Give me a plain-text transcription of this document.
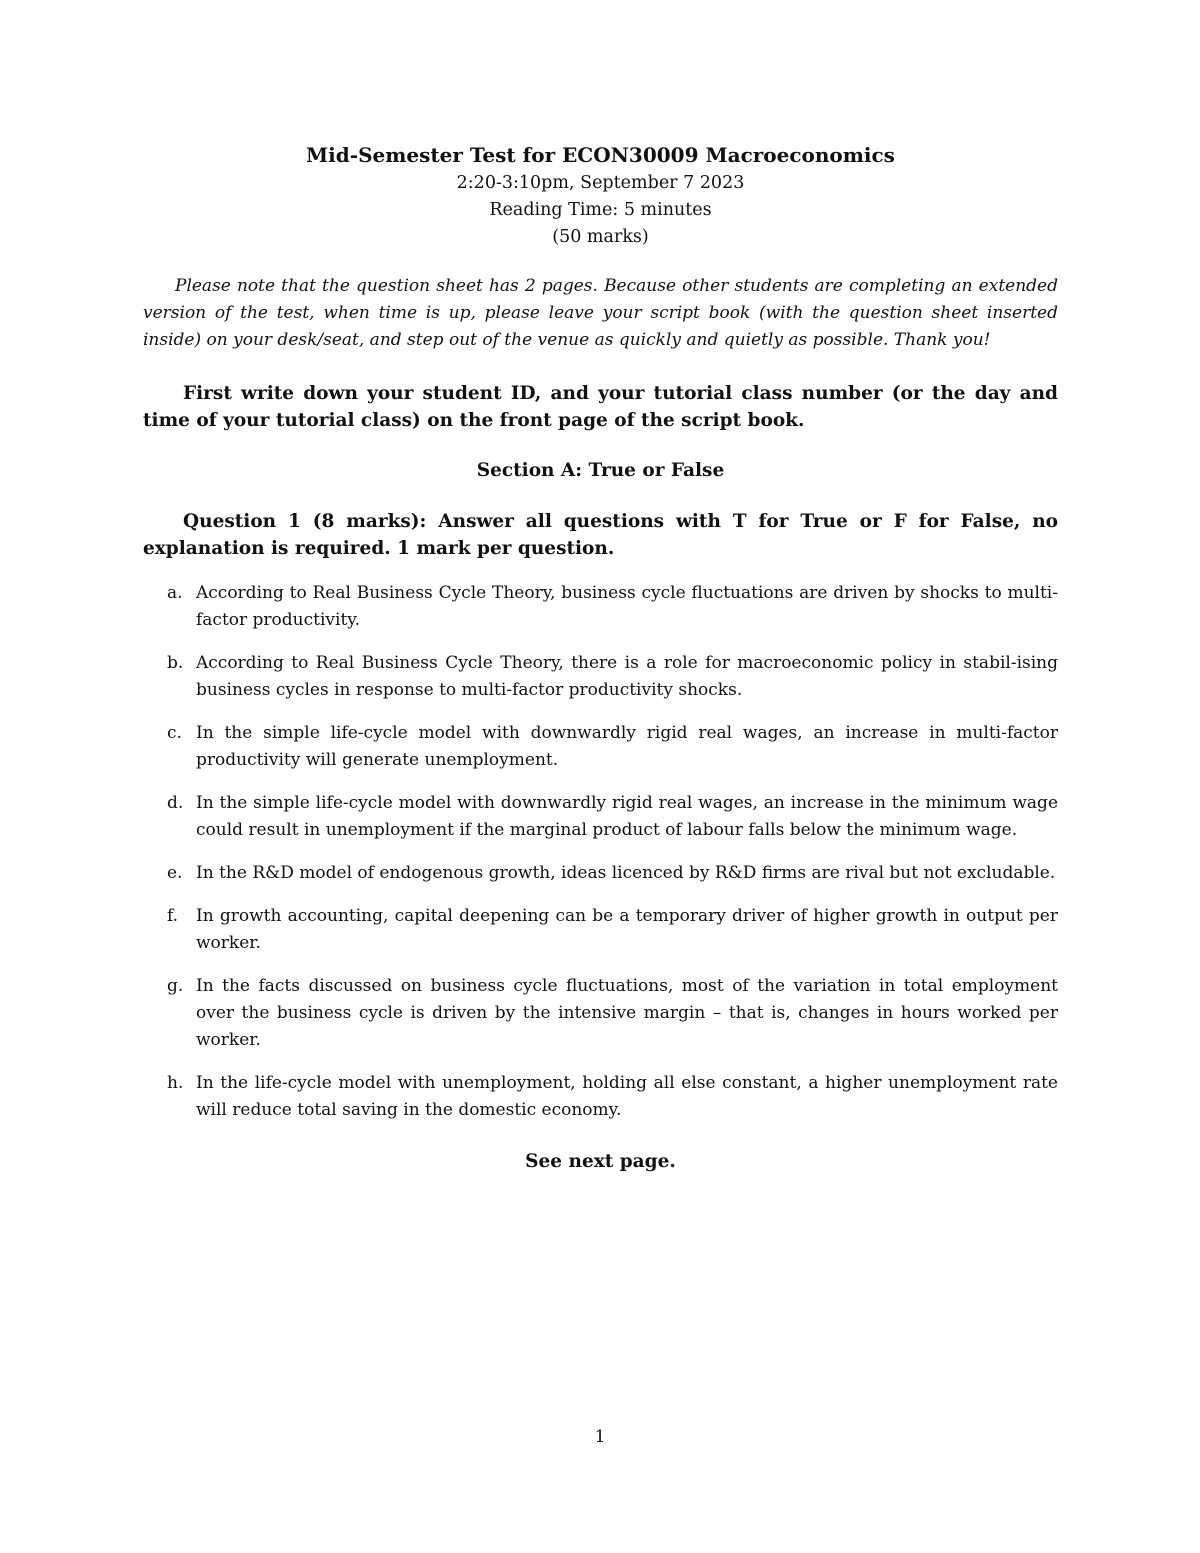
Mid-Semester Test for ECON30009 Macroeconomics

2:20-3:10pm, September 7 2023

Reading Time: 5 minutes

(50 marks)

Please note that the question sheet has 2 pages. Because other students are completing an extended version of the test, when time is up, please leave your script book (with the question sheet inserted inside) on your desk/seat, and step out of the venue as quickly and quietly as possible. Thank you!

First write down your student ID, and your tutorial class number (or the day and time of your tutorial class) on the front page of the script book.

Section A: True or False

Question 1 (8 marks): Answer all questions with T for True or F for False, no explanation is required. 1 mark per question.

a. According to Real Business Cycle Theory, business cycle fluctuations are driven by shocks to multi-factor productivity.
b. According to Real Business Cycle Theory, there is a role for macroeconomic policy in stabil-ising business cycles in response to multi-factor productivity shocks.
c. In the simple life-cycle model with downwardly rigid real wages, an increase in multi-factor productivity will generate unemployment.
d. In the simple life-cycle model with downwardly rigid real wages, an increase in the minimum wage could result in unemployment if the marginal product of labour falls below the minimum wage.
e. In the R&D model of endogenous growth, ideas licenced by R&D firms are rival but not excludable.
f. In growth accounting, capital deepening can be a temporary driver of higher growth in output per worker.
g. In the facts discussed on business cycle fluctuations, most of the variation in total employment over the business cycle is driven by the intensive margin – that is, changes in hours worked per worker.
h. In the life-cycle model with unemployment, holding all else constant, a higher unemployment rate will reduce total saving in the domestic economy.

See next page.

1
